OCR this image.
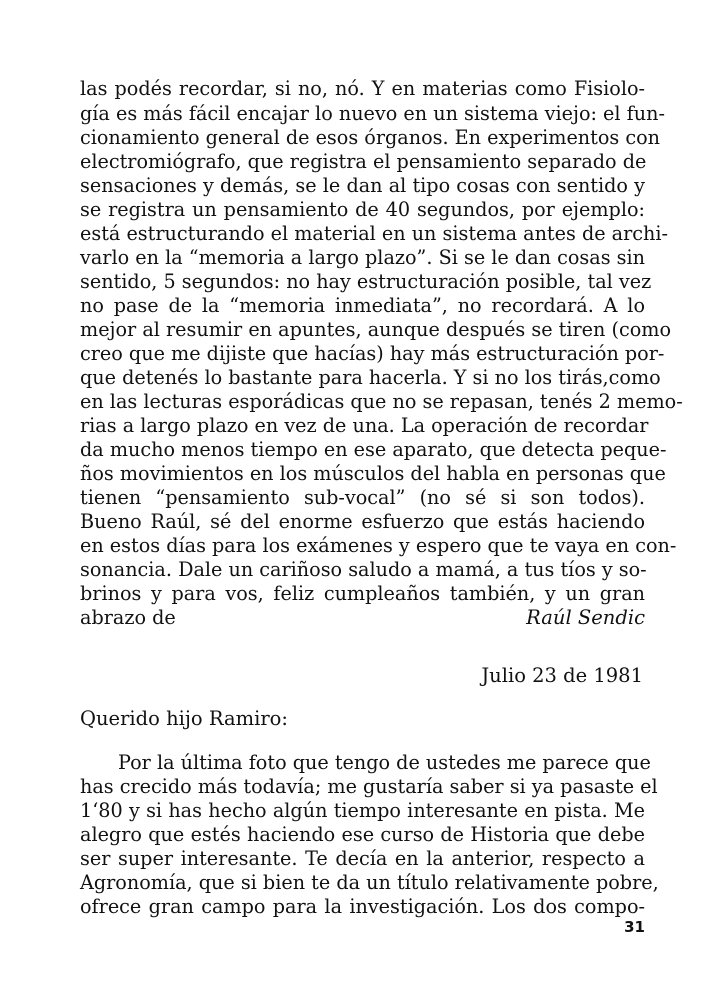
las podés recordar, si no, nó. Y en materias como Fisiolo-
gía es más fácil encajar lo nuevo en un sistema viejo: el fun-
cionamiento general de esos órganos. En experimentos con
electromiógrafo, que registra el pensamiento separado de
sensaciones y demás, se le dan al tipo cosas con sentido y
se registra un pensamiento de 40 segundos, por ejemplo:
está estructurando el material en un sistema antes de archi-
varlo en la “memoria a largo plazo”. Si se le dan cosas sin
sentido, 5 segundos: no hay estructuración posible, tal vez
no pase de la “memoria inmediata”, no recordará. A lo
mejor al resumir en apuntes, aunque después se tiren (como
creo que me dijiste que hacías) hay más estructuración por-
que detenés lo bastante para hacerla. Y si no los tirás,como
en las lecturas esporádicas que no se repasan, tenés 2 memo-
rias a largo plazo en vez de una. La operación de recordar
da mucho menos tiempo en ese aparato, que detecta peque-
ños movimientos en los músculos del habla en personas que
tienen “pensamiento sub-vocal” (no sé si son todos).
Bueno Raúl, sé del enorme esfuerzo que estás haciendo
en estos días para los exámenes y espero que te vaya en con-
sonancia. Dale un cariñoso saludo a mamá, a tus tíos y so-
brinos y para vos, feliz cumpleaños también, y un gran
abrazo de	Raúl Sendic
Julio 23 de 1981
Querido hijo Ramiro:
Por la última foto que tengo de ustedes me parece que
has crecido más todavía; me gustaría saber si ya pasaste el
1‘80 y si has hecho algún tiempo interesante en pista. Me
alegro que estés haciendo ese curso de Historia que debe
ser super interesante. Te decía en la anterior, respecto a
Agronomía, que si bien te da un título relativamente pobre,
ofrece gran campo para la investigación. Los dos compo-
31
